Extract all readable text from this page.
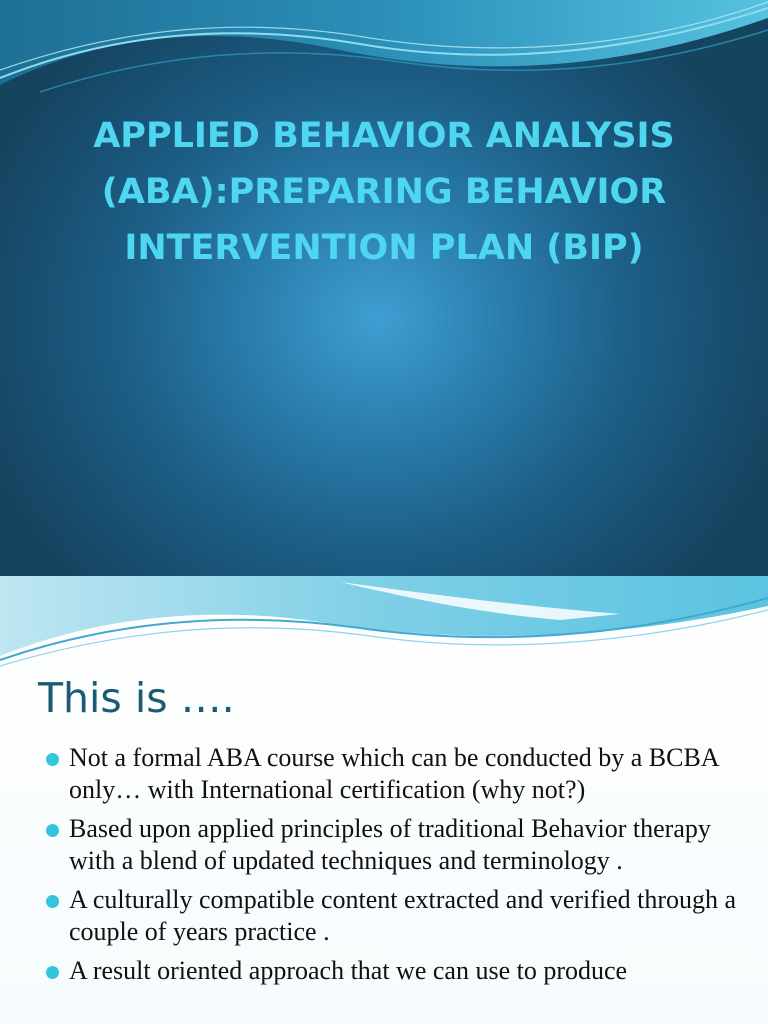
APPLIED BEHAVIOR ANALYSIS (ABA):PREPARING BEHAVIOR INTERVENTION PLAN (BIP)
This is ….
Not a formal ABA course which can be conducted by a BCBA only… with International certification (why not?)
Based upon applied principles of traditional Behavior therapy with a blend of updated techniques and terminology .
A culturally compatible content extracted and verified through a couple of years practice .
A result oriented approach that we can use to produce
